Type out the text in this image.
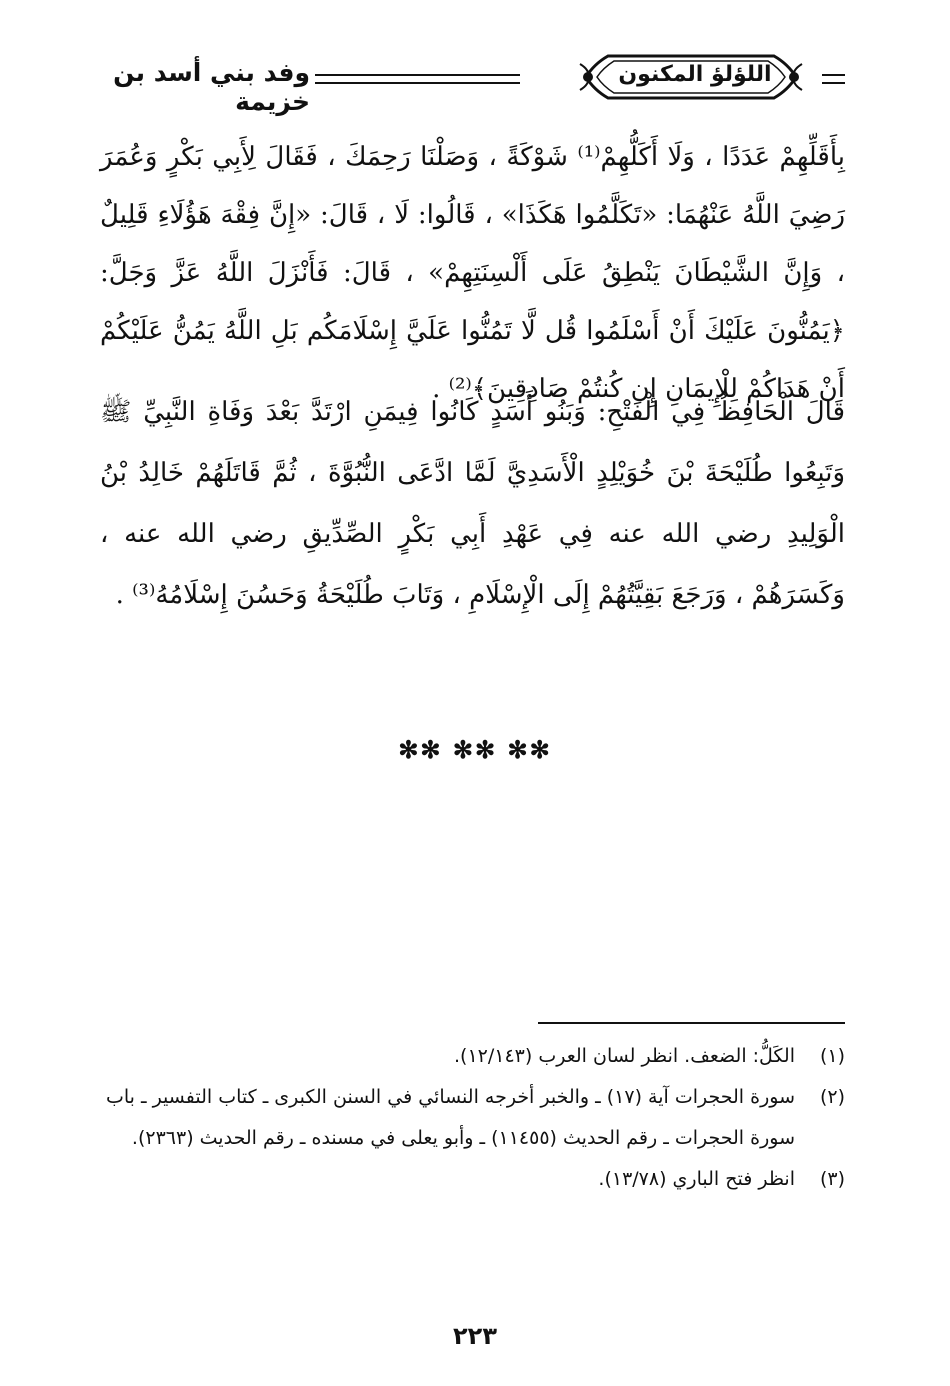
وفد بني أسد بن خزيمة
اللؤلؤ المكنون
بِأَقَلِّهِمْ عَدَدًا ، وَلَا أَكَلُّهِمْ⁽¹⁾ شَوْكَةً ، وَصَلْنَا رَحِمَكَ ، فَقَالَ لِأَبِي بَكْرٍ وَعُمَرَ رَضِيَ اللَّهُ عَنْهُمَا: «تَكَلَّمُوا هَكَذَا» ، قَالُوا: لَا ، قَالَ: «إِنَّ فِقْهَ هَؤُلَاءِ قَلِيلٌ ، وَإِنَّ الشَّيْطَانَ يَنْطِقُ عَلَى أَلْسِنَتِهِمْ» ، قَالَ: فَأَنْزَلَ اللَّهُ عَزَّ وَجَلَّ: ﴿يَمُنُّونَ عَلَيْكَ أَنْ أَسْلَمُوا قُل لَّا تَمُنُّوا عَلَيَّ إِسْلَامَكُم بَلِ اللَّهُ يَمُنُّ عَلَيْكُمْ أَنْ هَدَاكُمْ لِلْإِيمَانِ إِن كُنتُمْ صَادِقِينَ﴾⁽²⁾ .
قَالَ الْحَافِظُ فِي الْفَتْحِ: وَبَنُو أَسَدٍ كَانُوا فِيمَنِ ارْتَدَّ بَعْدَ وَفَاةِ النَّبِيِّ ﷺ وَتَبِعُوا طُلَيْحَةَ بْنَ خُوَيْلِدٍ الْأَسَدِيَّ لَمَّا ادَّعَى النُّبُوَّةَ ، ثُمَّ قَاتَلَهُمْ خَالِدُ بْنُ الْوَلِيدِ رضي الله عنه فِي عَهْدِ أَبِي بَكْرٍ الصِّدِّيقِ رضي الله عنه ، وَكَسَرَهُمْ ، وَرَجَعَ بَقِيَّتُهُمْ إِلَى الْإِسْلَامِ ، وَتَابَ طُلَيْحَةُ وَحَسُنَ إِسْلَامُهُ⁽³⁾ .
✻✻ ✻✻ ✻✻
(١)
الكَلُّ: الضعف. انظر لسان العرب (١٢/١٤٣).
(٢)
سورة الحجرات آية (١٧) ـ والخبر أخرجه النسائي في السنن الكبرى ـ كتاب التفسير ـ باب سورة الحجرات ـ رقم الحديث (١١٤٥٥) ـ وأبو يعلى في مسنده ـ رقم الحديث (٢٣٦٣).
(٣)
انظر فتح الباري (١٣/٧٨).
٢٢٣
